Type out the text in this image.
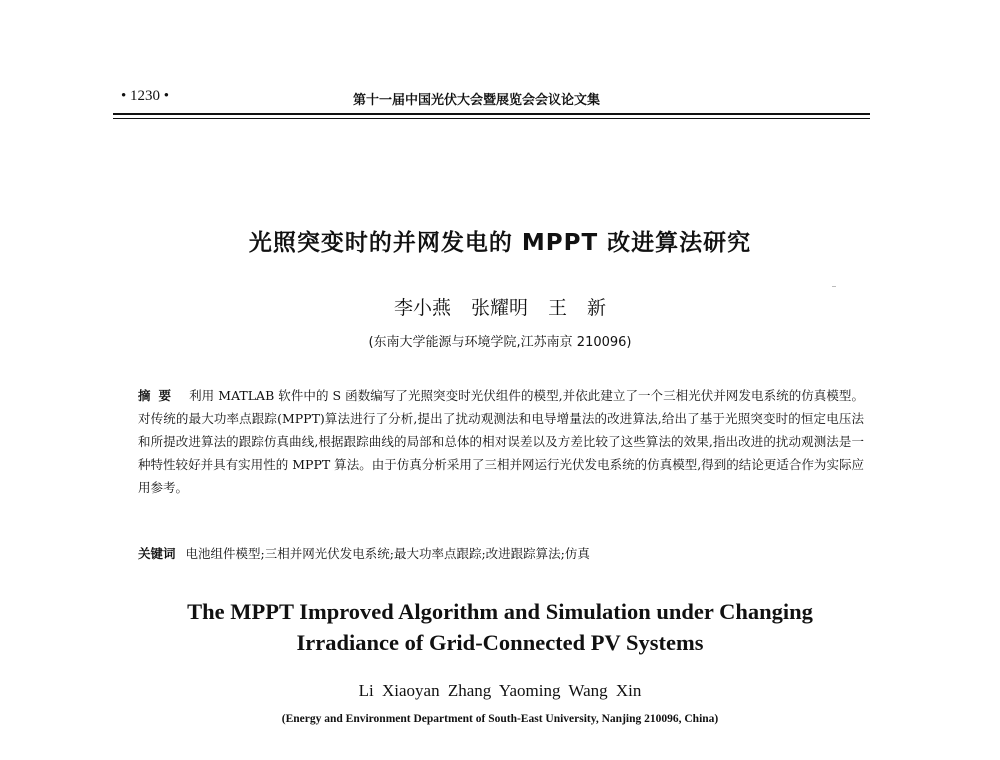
• 1230 •	第十一届中国光伏大会暨展览会会议论文集
光照突变时的并网发电的 MPPT 改进算法研究
李小燕 张耀明 王 新
(东南大学能源与环境学院,江苏南京 210096)
摘要 利用 MATLAB 软件中的 S 函数编写了光照突变时光伏组件的模型,并依此建立了一个三相光伏并网发电系统的仿真模型。对传统的最大功率点跟踪(MPPT)算法进行了分析,提出了扰动观测法和电导增量法的改进算法,给出了基于光照突变时的恒定电压法和所提改进算法的跟踪仿真曲线,根据跟踪曲线的局部和总体的相对误差以及方差比较了这些算法的效果,指出改进的扰动观测法是一种特性较好并具有实用性的 MPPT 算法。由于仿真分析采用了三相并网运行光伏发电系统的仿真模型,得到的结论更适合作为实际应用参考。
关键词 电池组件模型;三相并网光伏发电系统;最大功率点跟踪;改进跟踪算法;仿真
The MPPT Improved Algorithm and Simulation under Changing
Irradiance of Grid-Connected PV Systems
Li Xiaoyan Zhang Yaoming Wang Xin
(Energy and Environment Department of South-East University, Nanjing 210096, China)
